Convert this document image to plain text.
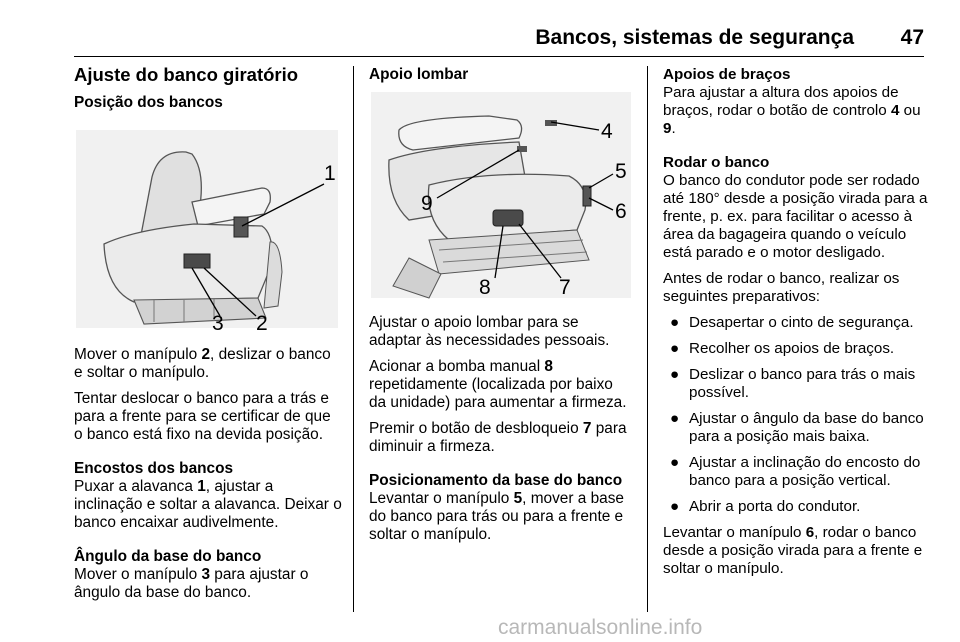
Bancos, sistemas de segurança 47
Ajuste do banco giratório
Posição dos bancos
1
3 2

Mover o manípulo 2, deslizar o banco e soltar o manípulo.

Tentar deslocar o banco para a trás e para a frente para se certificar de que o banco está fixo na devida posição.

Encostos dos bancos

Puxar a alavanca 1, ajustar a inclinação e soltar a alavanca. Deixar o banco encaixar audivelmente.

Ângulo da base do banco

Mover o manípulo 3 para ajustar o ângulo da base do banco.

Apoio lombar
4
5
9	6
8	7

Ajustar o apoio lombar para se adaptar às necessidades pessoais.

Acionar a bomba manual 8 repetidamente (localizada por baixo da unidade) para aumentar a firmeza.

Premir o botão de desbloqueio 7 para diminuir a firmeza.

Posicionamento da base do banco

Levantar o manípulo 5, mover a base do banco para trás ou para a frente e soltar o manípulo.

Apoios de braços

Para ajustar a altura dos apoios de braços, rodar o botão de controlo 4 ou 9.

Rodar o banco

O banco do condutor pode ser rodado até 180° desde a posição virada para a frente, p. ex. para facilitar o acesso à área da bagageira quando o veículo está parado e o motor desligado.

Antes de rodar o banco, realizar os seguintes preparativos:

● Desapertar o cinto de segurança.
● Recolher os apoios de braços.
● Deslizar o banco para trás o mais possível.
● Ajustar o ângulo da base do banco para a posição mais baixa.
● Ajustar a inclinação do encosto do banco para a posição vertical.
● Abrir a porta do condutor.

Levantar o manípulo 6, rodar o banco desde a posição virada para a frente e soltar o manípulo.

carmanualsonline.info
